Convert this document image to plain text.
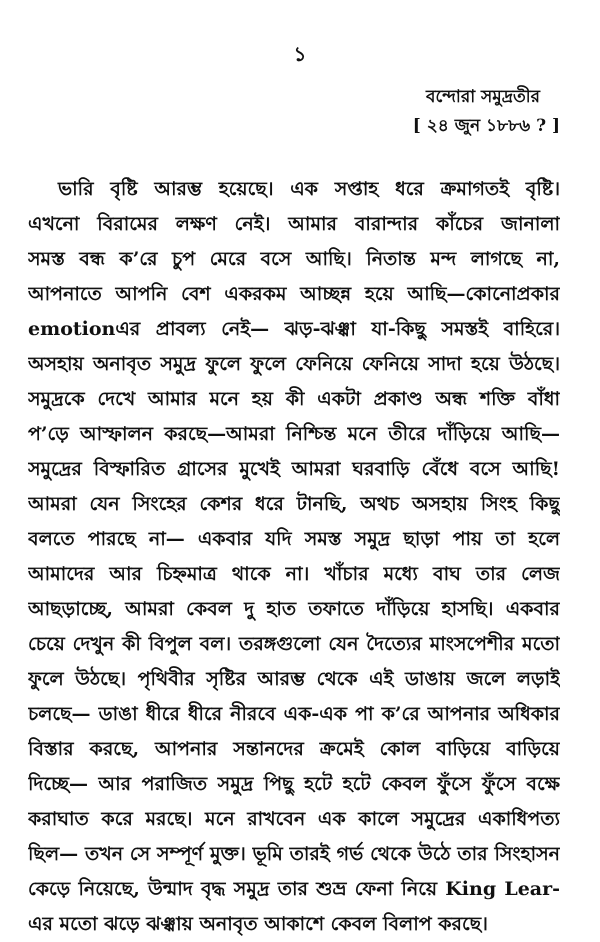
১
বন্দোরা সমুদ্রতীর
[ ২৪ জুন ১৮৮৬ ? ]
ভারি বৃষ্টি আরম্ভ হয়েছে। এক সপ্তাহ ধরে ক্রমাগতই বৃষ্টি।
এখনো বিরামের লক্ষণ নেই। আমার বারান্দার কাঁচের জানালা
সমস্ত বন্ধ ক’রে চুপ মেরে বসে আছি। নিতান্ত মন্দ লাগছে না,
আপনাতে আপনি বেশ একরকম আচ্ছন্ন হয়ে আছি—কোনোপ্রকার
emotionএর প্রাবল্য নেই— ঝড়-ঝঞ্ঝা যা-কিছু সমস্তই বাহিরে।
অসহায় অনাবৃত সমুদ্র ফুলে ফুলে ফেনিয়ে ফেনিয়ে সাদা হয়ে উঠছে।
সমুদ্রকে দেখে আমার মনে হয় কী একটা প্রকাণ্ড অন্ধ শক্তি বাঁধা
প’ড়ে আস্ফালন করছে—আমরা নিশ্চিন্ত মনে তীরে দাঁড়িয়ে আছি—
সমুদ্রের বিস্ফারিত গ্রাসের মুখেই আমরা ঘরবাড়ি বেঁধে বসে আছি!
আমরা যেন সিংহের কেশর ধরে টানছি, অথচ অসহায় সিংহ কিছু
বলতে পারছে না— একবার যদি সমস্ত সমুদ্র ছাড়া পায় তা হলে
আমাদের আর চিহ্নমাত্র থাকে না। খাঁচার মধ্যে বাঘ তার লেজ
আছড়াচ্ছে, আমরা কেবল দু হাত তফাতে দাঁড়িয়ে হাসছি। একবার
চেয়ে দেখুন কী বিপুল বল। তরঙ্গগুলো যেন দৈত্যের মাংসপেশীর মতো
ফুলে উঠছে। পৃথিবীর সৃষ্টির আরম্ভ থেকে এই ডাঙায় জলে লড়াই
চলছে— ডাঙা ধীরে ধীরে নীরবে এক-এক পা ক’রে আপনার অধিকার
বিস্তার করছে, আপনার সন্তানদের ক্রমেই কোল বাড়িয়ে বাড়িয়ে
দিচ্ছে— আর পরাজিত সমুদ্র পিছু হটে হটে কেবল ফুঁসে ফুঁসে বক্ষে
করাঘাত করে মরছে। মনে রাখবেন এক কালে সমুদ্রের একাধিপত্য
ছিল— তখন সে সম্পূর্ণ মুক্ত। ভূমি তারই গর্ভ থেকে উঠে তার সিংহাসন
কেড়ে নিয়েছে, উন্মাদ বৃদ্ধ সমুদ্র তার শুভ্র ফেনা নিয়ে King Lear-
এর মতো ঝড়ে ঝঞ্ঝায় অনাবৃত আকাশে কেবল বিলাপ করছে।
